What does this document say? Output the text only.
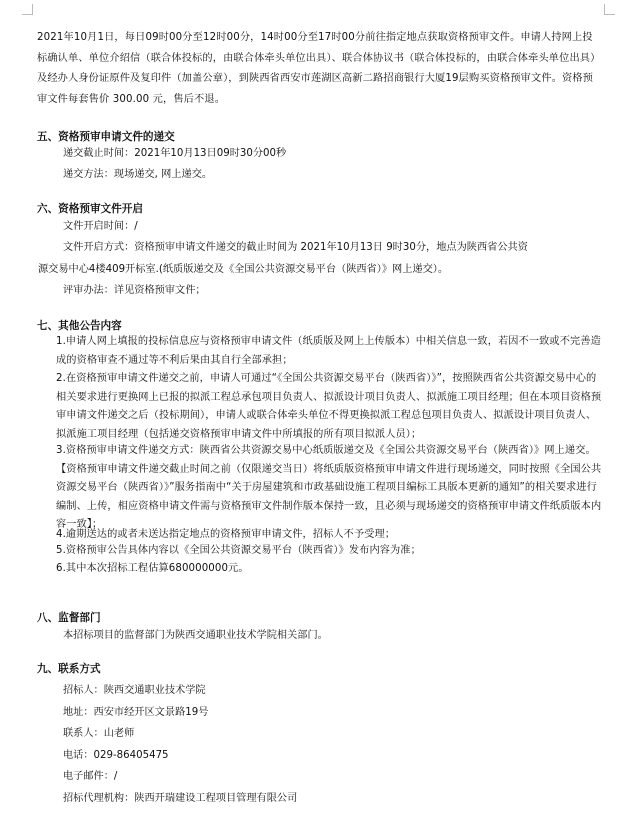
2021年10月1日，每日09时00分至12时00分，14时00分至17时00分前往指定地点获取资格预审文件。申请人持网上投标确认单、单位介绍信（联合体投标的，由联合体牵头单位出具）、联合体协议书（联合体投标的，由联合体牵头单位出具）及经办人身份证原件及复印件（加盖公章），到陕西省西安市莲湖区高新二路招商银行大厦19层购买资格预审文件。资格预审文件每套售价 300.00 元，售后不退。
五、资格预审申请文件的递交
递交截止时间：2021年10月13日09时30分00秒
递交方法：现场递交, 网上递交。
六、资格预审文件开启
文件开启时间：/
文件开启方式：资格预审申请文件递交的截止时间为 2021年10月13日 9时30分，地点为陕西省公共资
源交易中心4楼409开标室.(纸质版递交及《全国公共资源交易平台（陕西省）》网上递交）。
评审办法：详见资格预审文件；
七、其他公告内容
1.申请人网上填报的投标信息应与资格预审申请文件（纸质版及网上上传版本）中相关信息一致，若因不一致或不完善造成的资格审查不通过等不利后果由其自行全部承担；
2.在资格预审申请文件递交之前，申请人可通过“《全国公共资源交易平台（陕西省）》”，按照陕西省公共资源交易中心的相关要求进行更换网上已报的拟派工程总承包项目负责人、拟派设计项目负责人、拟派施工项目经理；但在本项目资格预审申请文件递交之后（投标期间），申请人或联合体牵头单位不得更换拟派工程总包项目负责人、拟派设计项目负责人、拟派施工项目经理（包括递交资格预审申请文件中所填报的所有项目拟派人员）；
3.资格预审申请文件递交方式：陕西省公共资源交易中心纸质版递交及《全国公共资源交易平台（陕西省）》网上递交。【资格预审申请文件递交截止时间之前（仅限递交当日）将纸质版资格预审申请文件进行现场递交，同时按照《全国公共资源交易平台（陕西省）》”服务指南中“关于房屋建筑和市政基础设施工程项目编标工具版本更新的通知”的相关要求进行编制、上传，相应资格申请文件需与资格预审文件制作版本保持一致，且必须与现场递交的资格预审申请文件纸质版本内容一致】；
4.逾期送达的或者未送达指定地点的资格预审申请文件，招标人不予受理；
5.资格预审公告具体内容以《全国公共资源交易平台（陕西省）》发布内容为准；
6.其中本次招标工程估算680000000元。
八、监督部门
本招标项目的监督部门为陕西交通职业技术学院相关部门。
九、联系方式
招标人：陕西交通职业技术学院
地址：西安市经开区文景路19号
联系人：山老师
电话：029-86405475
电子邮件：/
招标代理机构：陕西开瑞建设工程项目管理有限公司
